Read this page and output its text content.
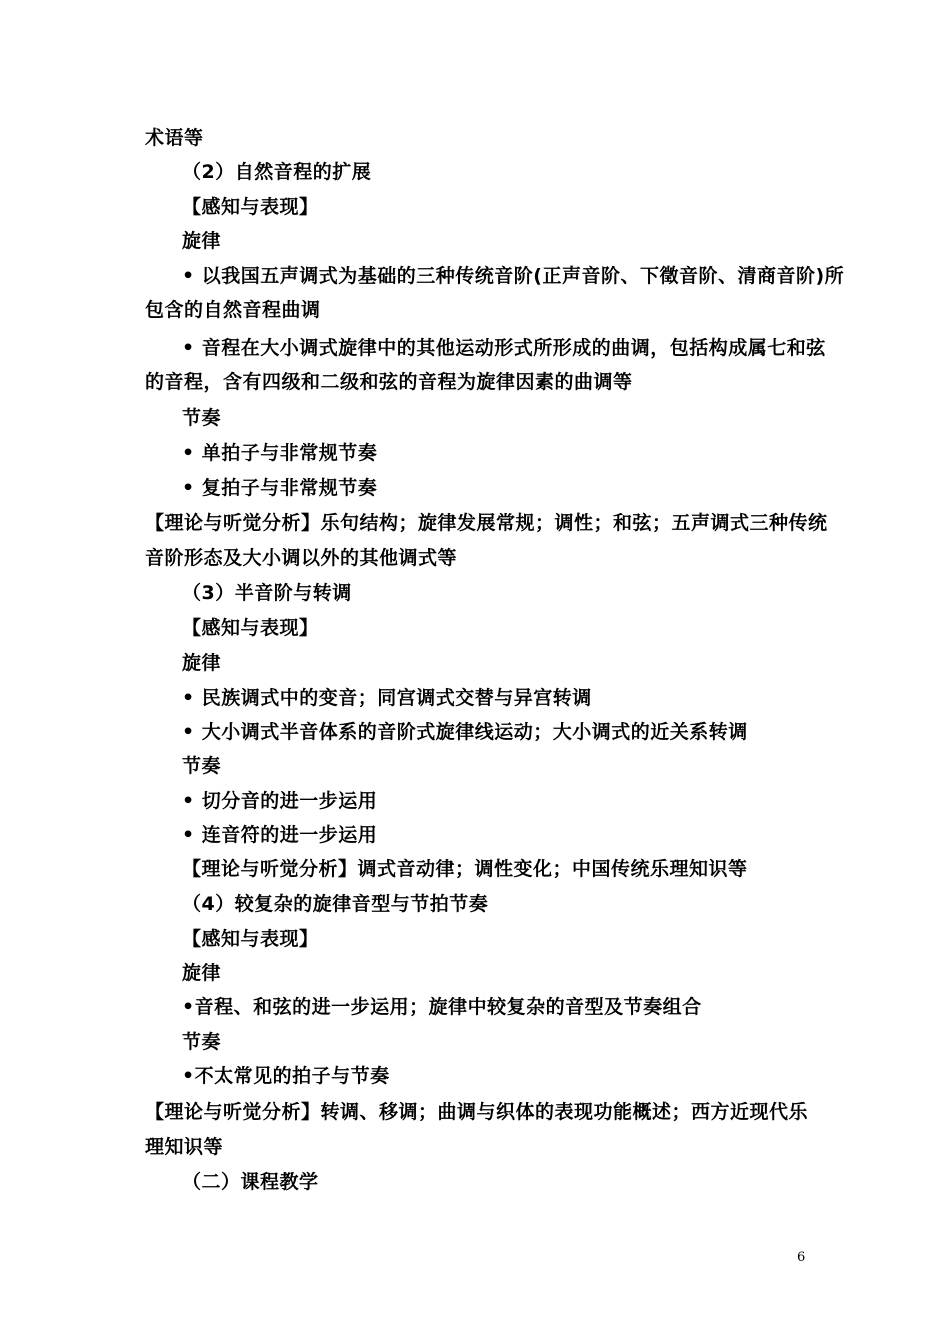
术语等
（2）自然音程的扩展
【感知与表现】
旋律
• 以我国五声调式为基础的三种传统音阶(正声音阶、下徵音阶、清商音阶)所
包含的自然音程曲调
• 音程在大小调式旋律中的其他运动形式所形成的曲调，包括构成属七和弦
的音程，含有四级和二级和弦的音程为旋律因素的曲调等
节奏
• 单拍子与非常规节奏
• 复拍子与非常规节奏
【理论与听觉分析】乐句结构；旋律发展常规；调性；和弦；五声调式三种传统
音阶形态及大小调以外的其他调式等
（3）半音阶与转调
【感知与表现】
旋律
• 民族调式中的变音；同宫调式交替与异宫转调
• 大小调式半音体系的音阶式旋律线运动；大小调式的近关系转调
节奏
• 切分音的进一步运用
• 连音符的进一步运用
【理论与听觉分析】调式音动律；调性变化；中国传统乐理知识等
（4）较复杂的旋律音型与节拍节奏
【感知与表现】
旋律
•音程、和弦的进一步运用；旋律中较复杂的音型及节奏组合
节奏
•不太常见的拍子与节奏
【理论与听觉分析】转调、移调；曲调与织体的表现功能概述；西方近现代乐
理知识等
（二）课程教学
6
